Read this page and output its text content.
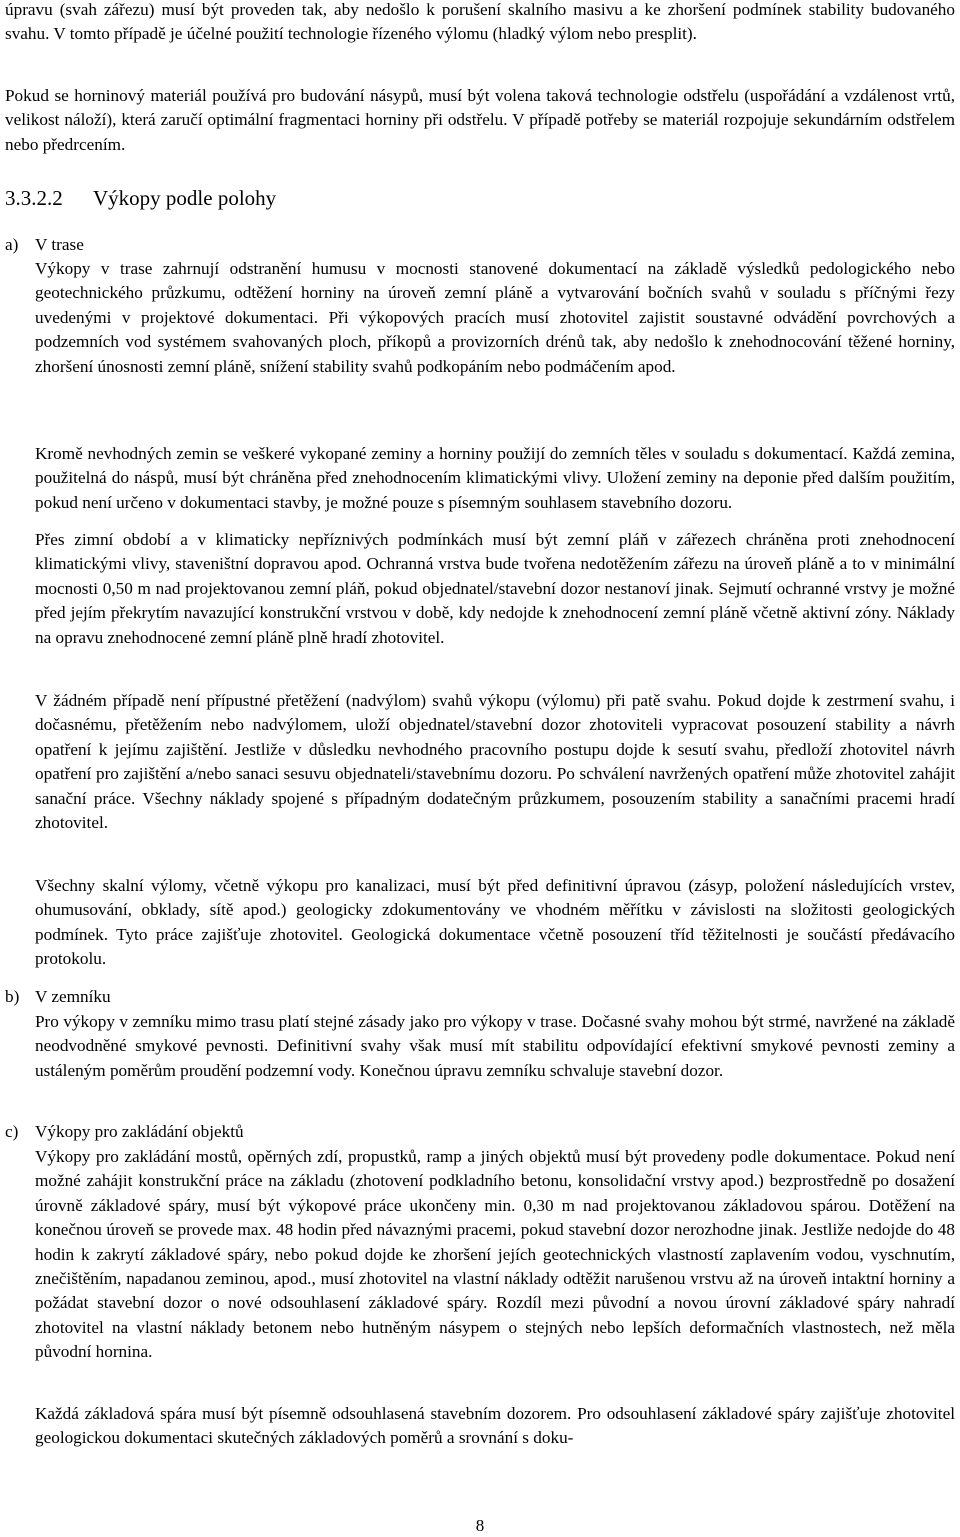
úpravu (svah zářezu) musí být proveden tak, aby nedošlo k porušení skalního masivu a ke zhoršení podmínek stability budovaného svahu. V tomto případě je účelné použití technologie řízeného výlomu (hladký výlom nebo presplit).

Pokud se horninový materiál používá pro budování násypů, musí být volena taková technologie odstřelu (uspořádání a vzdálenost vrtů, velikost náloží), která zaručí optimální fragmentaci horniny při odstřelu. V případě potřeby se materiál rozpojuje sekundárním odstřelem nebo předrcením.

3.3.2.2 Výkopy podle polohy
a) V trase

Výkopy v trase zahrnují odstranění humusu v mocnosti stanovené dokumentací na základě výsledků pedologického nebo geotechnického průzkumu, odtěžení horniny na úroveň zemní pláně a vytvarování bočních svahů v souladu s příčnými řezy uvedenými v projektové dokumentaci. Při výkopových pracích musí zhotovitel zajistit soustavné odvádění povrchových a podzemních vod systémem svahovaných ploch, příkopů a provizorních drénů tak, aby nedošlo k znehodnocování těžené horniny, zhoršení únosnosti zemní pláně, snížení stability svahů podkopáním nebo podmáčením apod.

Kromě nevhodných zemin se veškeré vykopané zeminy a horniny použijí do zemních těles v souladu s dokumentací. Každá zemina, použitelná do náspů, musí být chráněna před znehodnocením klimatickými vlivy. Uložení zeminy na deponie před dalším použitím, pokud není určeno v dokumentaci stavby, je možné pouze s písemným souhlasem stavebního dozoru.

Přes zimní období a v klimaticky nepříznivých podmínkách musí být zemní pláň v zářezech chráněna proti znehodnocení klimatickými vlivy, staveništní dopravou apod. Ochranná vrstva bude tvořena nedotěžením zářezu na úroveň pláně a to v minimální mocnosti 0,50 m nad projektovanou zemní pláň, pokud objednatel/stavební dozor nestanoví jinak. Sejmutí ochranné vrstvy je možné před jejím překrytím navazující konstrukční vrstvou v době, kdy nedojde k znehodnocení zemní pláně včetně aktivní zóny. Náklady na opravu znehodnocené zemní pláně plně hradí zhotovitel.

V žádném případě není přípustné přetěžení (nadvýlom) svahů výkopu (výlomu) při patě svahu. Pokud dojde k zestrmení svahu, i dočasnému, přetěžením nebo nadvýlomem, uloží objednatel/stavební dozor zhotoviteli vypracovat posouzení stability a návrh opatření k jejímu zajištění. Jestliže v důsledku nevhodného pracovního postupu dojde k sesutí svahu, předloží zhotovitel návrh opatření pro zajištění a/nebo sanaci sesuvu objednateli/stavebnímu dozoru. Po schválení navržených opatření může zhotovitel zahájit sanační práce. Všechny náklady spojené s případným dodatečným průzkumem, posouzením stability a sanačními pracemi hradí zhotovitel.

Všechny skalní výlomy, včetně výkopu pro kanalizaci, musí být před definitivní úpravou (zásyp, položení následujících vrstev, ohumusování, obklady, sítě apod.) geologicky zdokumentovány ve vhodném měřítku v závislosti na složitosti geologických podmínek. Tyto práce zajišťuje zhotovitel. Geologická dokumentace včetně posouzení tříd těžitelnosti je součástí předávacího protokolu.

b) V zemníku

Pro výkopy v zemníku mimo trasu platí stejné zásady jako pro výkopy v trase. Dočasné svahy mohou být strmé, navržené na základě neodvodněné smykové pevnosti. Definitivní svahy však musí mít stabilitu odpovídající efektivní smykové pevnosti zeminy a ustáleným poměrům proudění podzemní vody. Konečnou úpravu zemníku schvaluje stavební dozor.

c) Výkopy pro zakládání objektů

Výkopy pro zakládání mostů, opěrných zdí, propustků, ramp a jiných objektů musí být provedeny podle dokumentace. Pokud není možné zahájit konstrukční práce na základu (zhotovení podkladního betonu, konsolidační vrstvy apod.) bezprostředně po dosažení úrovně základové spáry, musí být výkopové práce ukončeny min. 0,30 m nad projektovanou základovou spárou. Dotěžení na konečnou úroveň se provede max. 48 hodin před návaznými pracemi, pokud stavební dozor nerozhodne jinak. Jestliže nedojde do 48 hodin k zakrytí základové spáry, nebo pokud dojde ke zhoršení jejích geotechnických vlastností zaplavením vodou, vyschnutím, znečištěním, napadanou zeminou, apod., musí zhotovitel na vlastní náklady odtěžit narušenou vrstvu až na úroveň intaktní horniny a požádat stavební dozor o nové odsouhlasení základové spáry. Rozdíl mezi původní a novou úrovní základové spáry nahradí zhotovitel na vlastní náklady betonem nebo hutněným násypem o stejných nebo lepších deformačních vlastnostech, než měla původní hornina.

Každá základová spára musí být písemně odsouhlasená stavebním dozorem. Pro odsouhlasení základové spáry zajišťuje zhotovitel geologickou dokumentaci skutečných základových poměrů a srovnání s doku-

8
